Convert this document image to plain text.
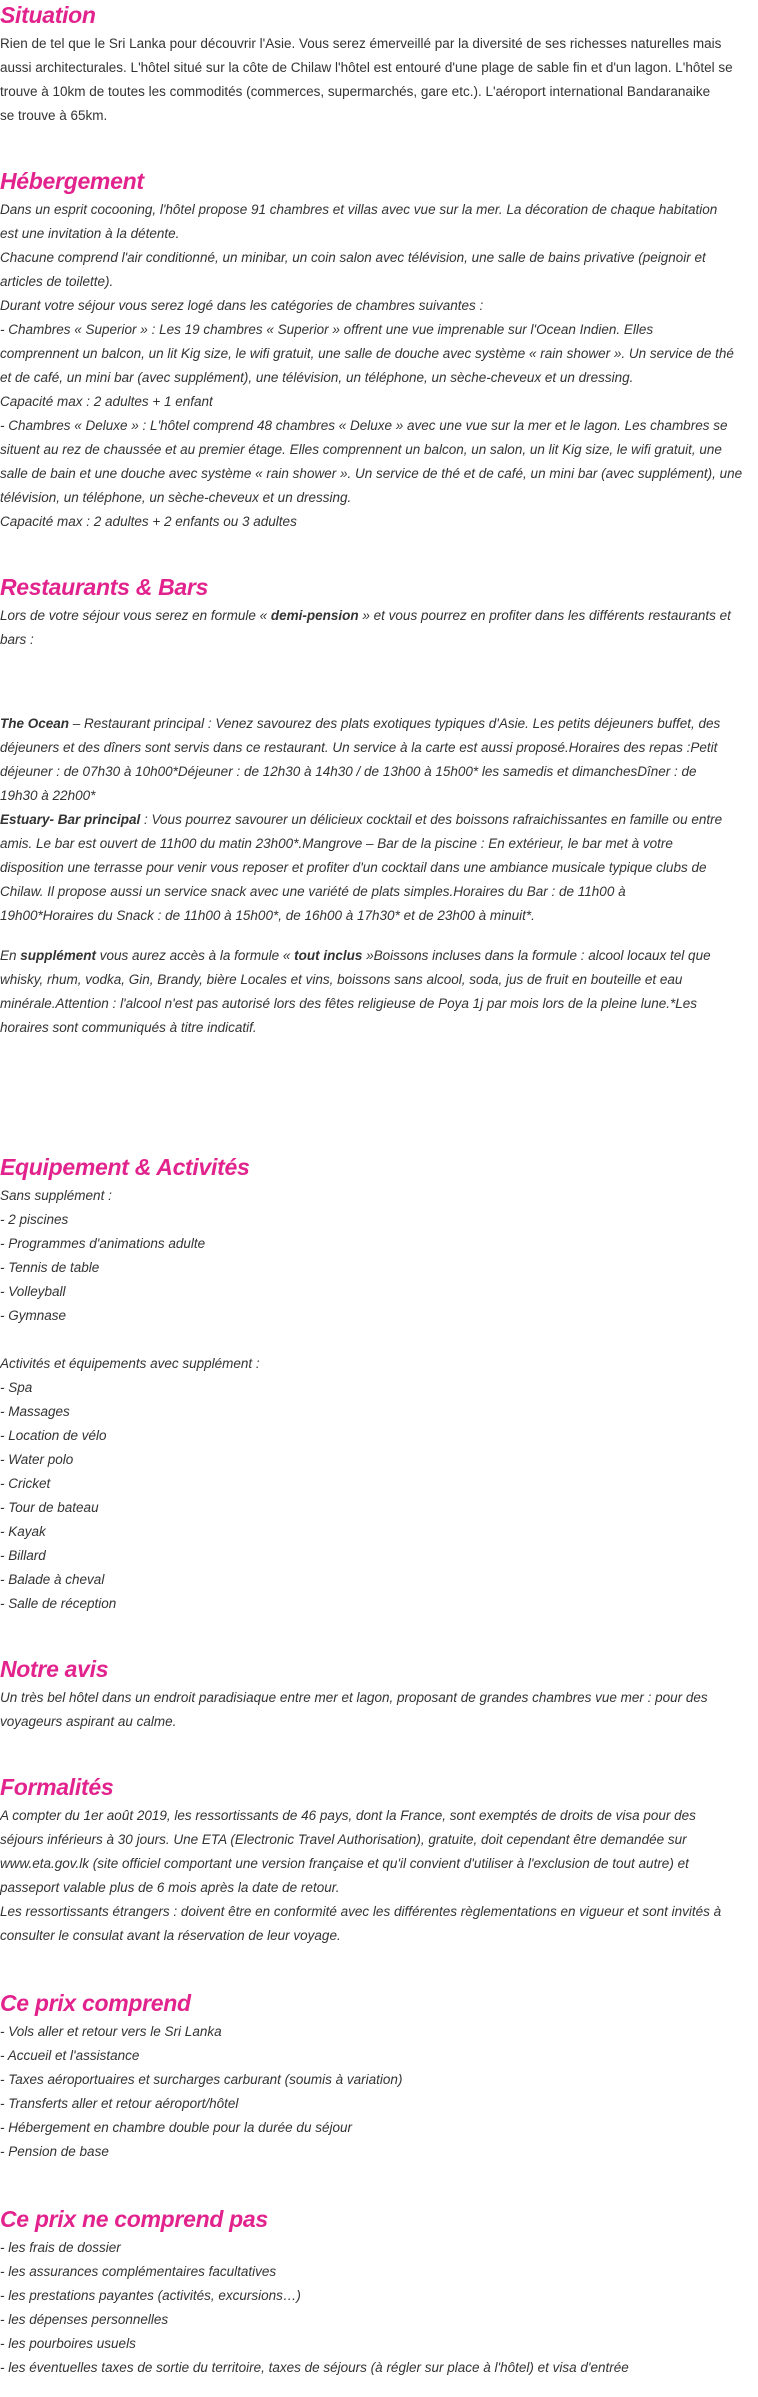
Situation
Rien de tel que le Sri Lanka pour découvrir l'Asie. Vous serez émerveillé par la diversité de ses richesses naturelles mais
aussi architecturales. L'hôtel situé sur la côte de Chilaw l'hôtel est entouré d'une plage de sable fin et d'un lagon. L'hôtel se
trouve à 10km de toutes les commodités (commerces, supermarchés, gare etc.). L'aéroport international Bandaranaike
se trouve à 65km.
Hébergement
Dans un esprit cocooning, l'hôtel propose 91 chambres et villas avec vue sur la mer. La décoration de chaque habitation
est une invitation à la détente.
Chacune comprend l'air conditionné, un minibar, un coin salon avec télévision, une salle de bains privative (peignoir et
articles de toilette).
Durant votre séjour vous serez logé dans les catégories de chambres suivantes :
- Chambres « Superior » : Les 19 chambres « Superior » offrent une vue imprenable sur l'Ocean Indien. Elles
comprennent un balcon, un lit Kig size, le wifi gratuit, une salle de douche avec système « rain shower ». Un service de thé
et de café, un mini bar (avec supplément), une télévision, un téléphone, un sèche-cheveux et un dressing.
Capacité max : 2 adultes + 1 enfant
- Chambres « Deluxe » : L'hôtel comprend 48 chambres « Deluxe » avec une vue sur la mer et le lagon. Les chambres se
situent au rez de chaussée et au premier étage. Elles comprennent un balcon, un salon, un lit Kig size, le wifi gratuit, une
salle de bain et une douche avec système « rain shower ». Un service de thé et de café, un mini bar (avec supplément), une
télévision, un téléphone, un sèche-cheveux et un dressing.
Capacité max : 2 adultes + 2 enfants ou 3 adultes
Restaurants & Bars
Lors de votre séjour vous serez en formule « demi-pension » et vous pourrez en profiter dans les différents restaurants et
bars :
The Ocean – Restaurant principal : Venez savourez des plats exotiques typiques d'Asie. Les petits déjeuners buffet, des
déjeuners et des dîners sont servis dans ce restaurant. Un service à la carte est aussi proposé.Horaires des repas :Petit
déjeuner : de 07h30 à 10h00*Déjeuner : de 12h30 à 14h30 / de 13h00 à 15h00* les samedis et dimanchesDîner : de
19h30 à 22h00*
Estuary- Bar principal : Vous pourrez savourer un délicieux cocktail et des boissons rafraichissantes en famille ou entre
amis. Le bar est ouvert de 11h00 du matin 23h00*.Mangrove – Bar de la piscine : En extérieur, le bar met à votre
disposition une terrasse pour venir vous reposer et profiter d'un cocktail dans une ambiance musicale typique clubs de
Chilaw. Il propose aussi un service snack avec une variété de plats simples.Horaires du Bar : de 11h00 à
19h00*Horaires du Snack : de 11h00 à 15h00*, de 16h00 à 17h30* et de 23h00 à minuit*.
En supplément vous aurez accès à la formule « tout inclus »Boissons incluses dans la formule : alcool locaux tel que
whisky, rhum, vodka, Gin, Brandy, bière Locales et vins, boissons sans alcool, soda, jus de fruit en bouteille et eau
minérale.Attention : l'alcool n'est pas autorisé lors des fêtes religieuse de Poya 1j par mois lors de la pleine lune.*Les
horaires sont communiqués à titre indicatif.
Equipement & Activités
Sans supplément :
- 2 piscines
- Programmes d'animations adulte
- Tennis de table
- Volleyball
- Gymnase
Activités et équipements avec supplément :
- Spa
- Massages
- Location de vélo
- Water polo
- Cricket
- Tour de bateau
- Kayak
- Billard
- Balade à cheval
- Salle de réception
Notre avis
Un très bel hôtel dans un endroit paradisiaque entre mer et lagon, proposant de grandes chambres vue mer : pour des
voyageurs aspirant au calme.
Formalités
A compter du 1er août 2019, les ressortissants de 46 pays, dont la France, sont exemptés de droits de visa pour des
séjours inférieurs à 30 jours. Une ETA (Electronic Travel Authorisation), gratuite, doit cependant être demandée sur
www.eta.gov.lk (site officiel comportant une version française et qu'il convient d'utiliser à l'exclusion de tout autre) et
passeport valable plus de 6 mois après la date de retour.
Les ressortissants étrangers : doivent être en conformité avec les différentes règlementations en vigueur et sont invités à
consulter le consulat avant la réservation de leur voyage.
Ce prix comprend
- Vols aller et retour vers le Sri Lanka
- Accueil et l'assistance
- Taxes aéroportuaires et surcharges carburant (soumis à variation)
- Transferts aller et retour aéroport/hôtel
- Hébergement en chambre double pour la durée du séjour
- Pension de base
Ce prix ne comprend pas
- les frais de dossier
- les assurances complémentaires facultatives
- les prestations payantes (activités, excursions…)
- les dépenses personnelles
- les pourboires usuels
- les éventuelles taxes de sortie du territoire, taxes de séjours (à régler sur place à l'hôtel) et visa d'entrée
